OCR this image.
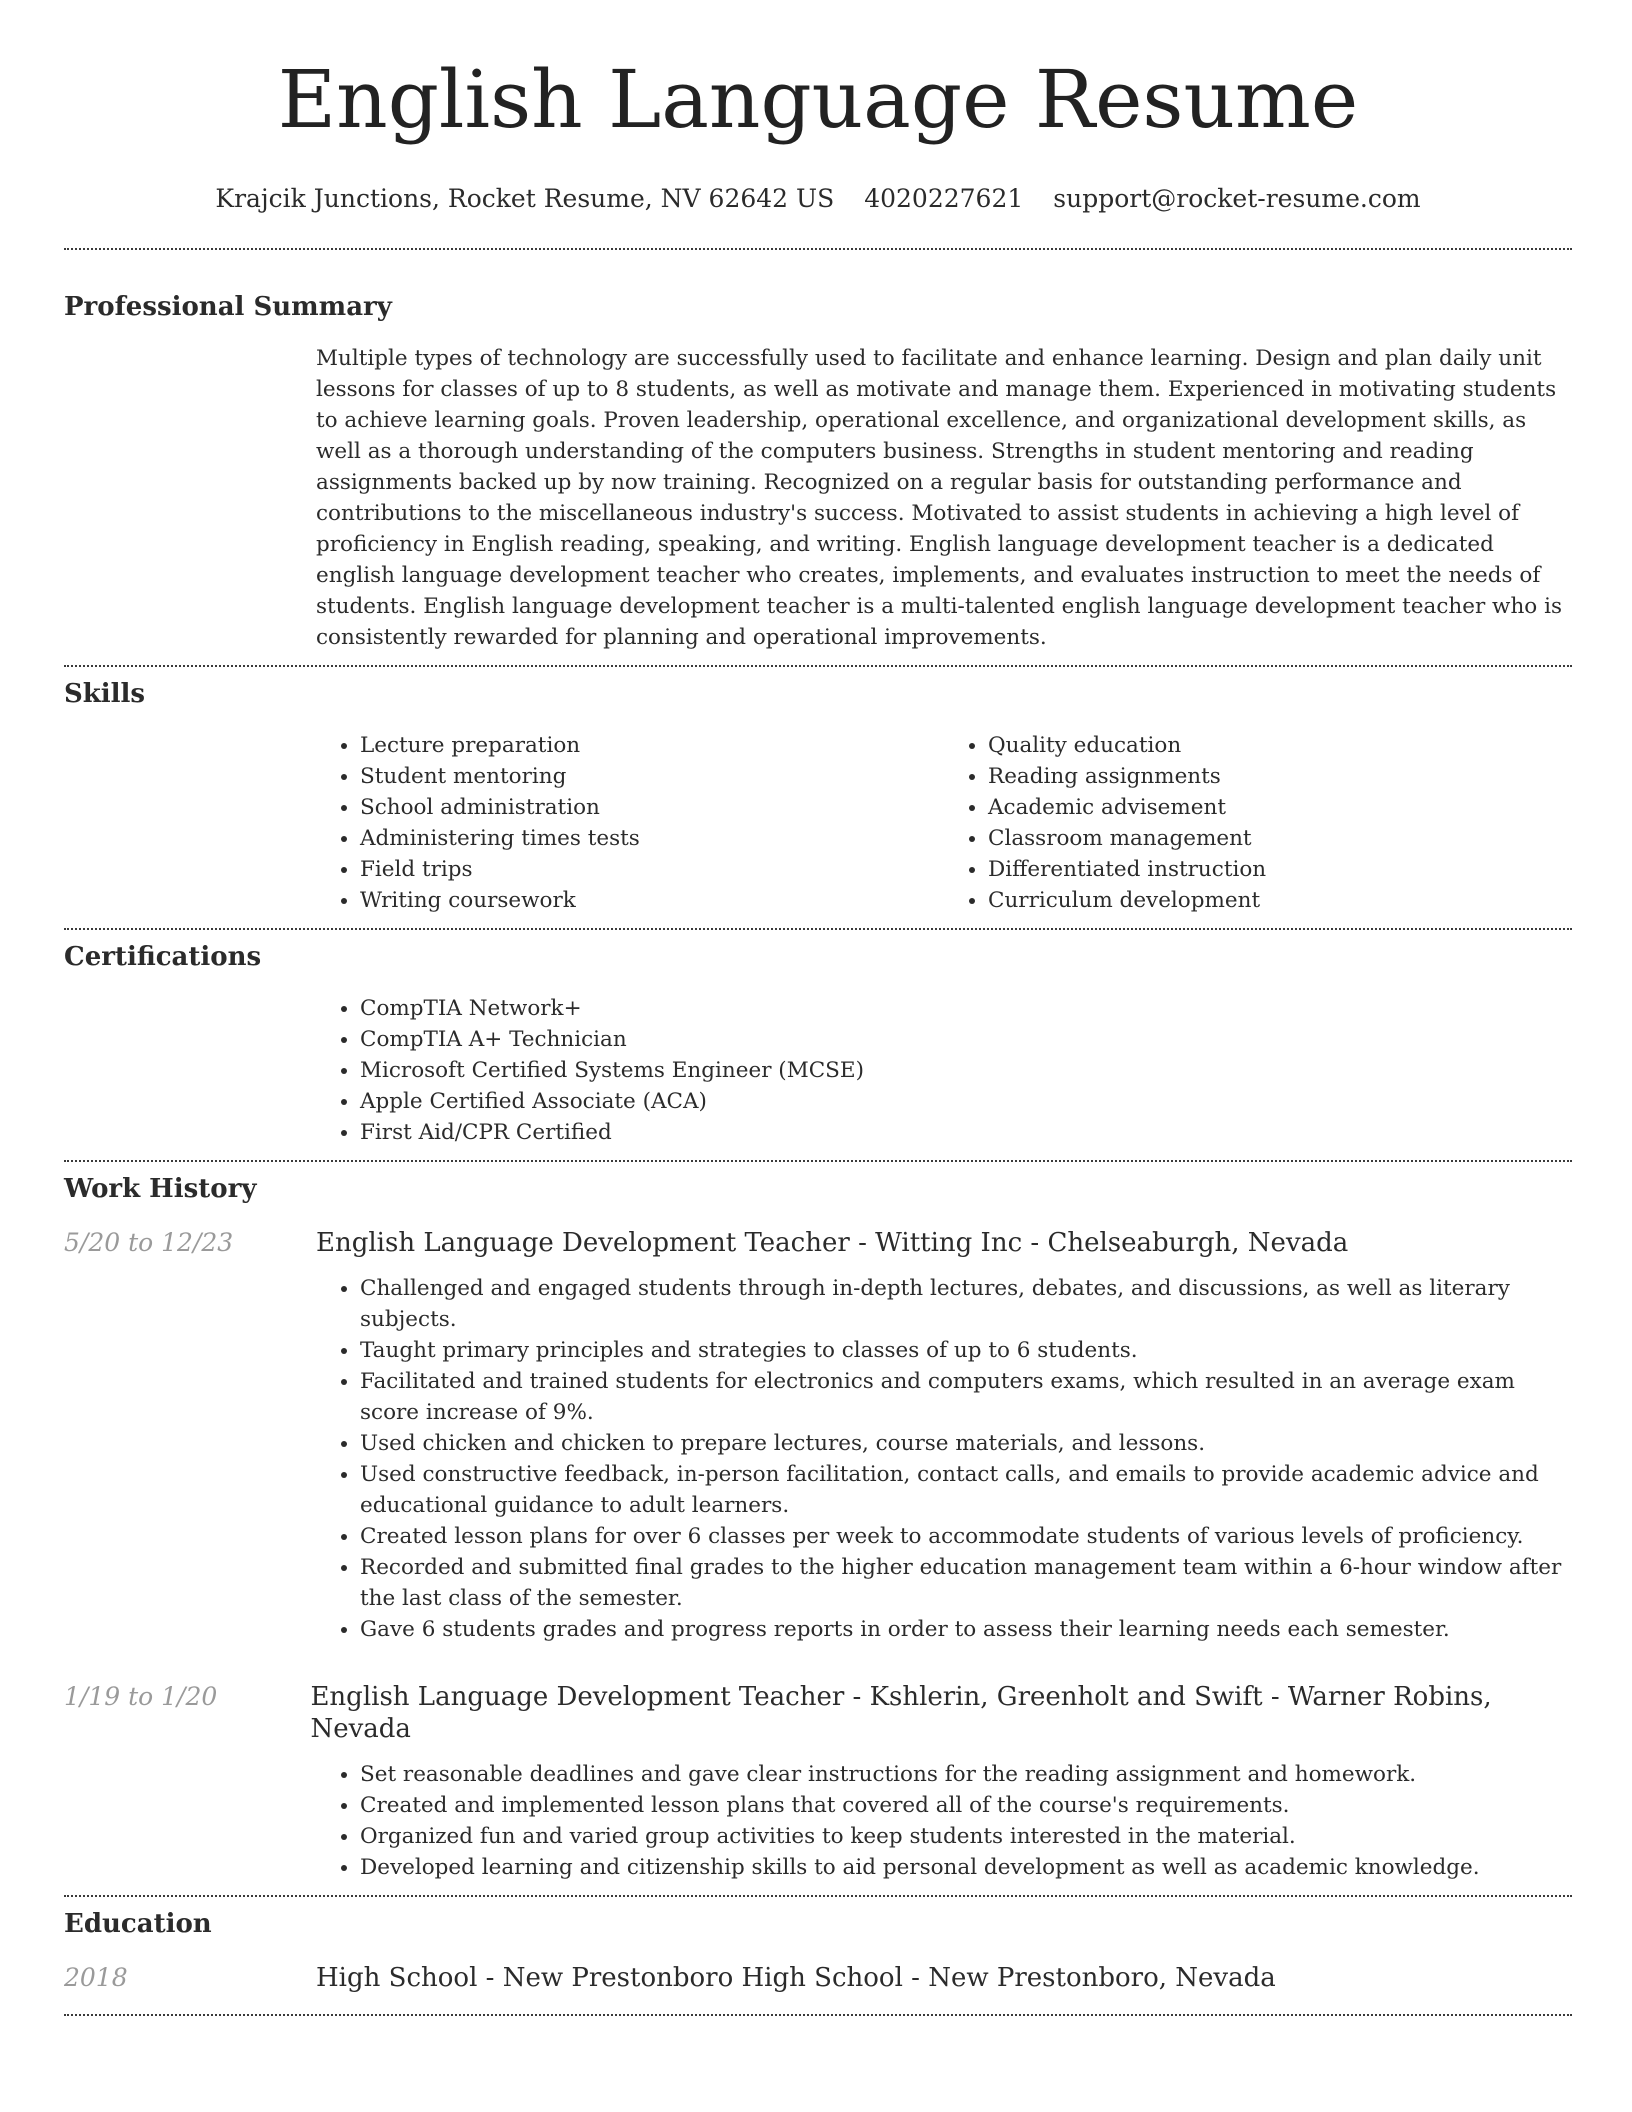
English Language Resume
Krajcik Junctions, Rocket Resume, NV 62642 US 4020227621 support@rocket-resume.com
Professional Summary

Multiple types of technology are successfully used to facilitate and enhance learning. Design and plan daily unit lessons for classes of up to 8 students, as well as motivate and manage them. Experienced in motivating students to achieve learning goals. Proven leadership, operational excellence, and organizational development skills, as well as a thorough understanding of the computers business. Strengths in student mentoring and reading assignments backed up by now training. Recognized on a regular basis for outstanding performance and contributions to the miscellaneous industry's success. Motivated to assist students in achieving a high level of proficiency in English reading, speaking, and writing. English language development teacher is a dedicated english language development teacher who creates, implements, and evaluates instruction to meet the needs of students. English language development teacher is a multi-talented english language development teacher who is consistently rewarded for planning and operational improvements.

Skills
• Lecture preparation
• Student mentoring
• School administration
• Administering times tests
• Field trips
• Writing coursework
• Quality education
• Reading assignments
• Academic advisement
• Classroom management
• Differentiated instruction
• Curriculum development
Certifications
• CompTIA Network+
• CompTIA A+ Technician
• Microsoft Certified Systems Engineer (MCSE)
• Apple Certified Associate (ACA)
• First Aid/CPR Certified
Work History
5/20 to 12/23	English Language Development Teacher - Witting Inc - Chelseaburgh, Nevada
• Challenged and engaged students through in-depth lectures, debates, and discussions, as well as literary subjects.
• Taught primary principles and strategies to classes of up to 6 students.
• Facilitated and trained students for electronics and computers exams, which resulted in an average exam score increase of 9%.
• Used chicken and chicken to prepare lectures, course materials, and lessons.
• Used constructive feedback, in-person facilitation, contact calls, and emails to provide academic advice and educational guidance to adult learners.
• Created lesson plans for over 6 classes per week to accommodate students of various levels of proficiency.
• Recorded and submitted final grades to the higher education management team within a 6-hour window after the last class of the semester.
• Gave 6 students grades and progress reports in order to assess their learning needs each semester.
1/19 to 1/20	English Language Development Teacher - Kshlerin, Greenholt and Swift - Warner Robins, Nevada
• Set reasonable deadlines and gave clear instructions for the reading assignment and homework.
• Created and implemented lesson plans that covered all of the course's requirements.
• Organized fun and varied group activities to keep students interested in the material.
• Developed learning and citizenship skills to aid personal development as well as academic knowledge.
Education
2018	High School - New Prestonboro High School - New Prestonboro, Nevada
